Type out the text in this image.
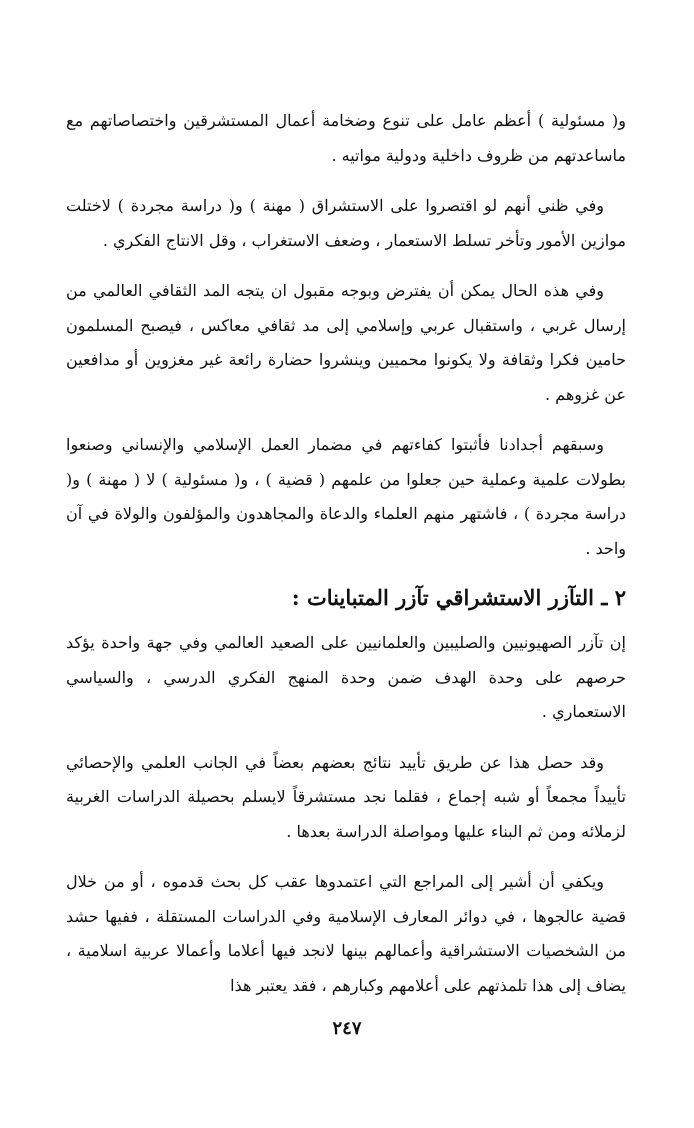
و( مسئولية ) أعظم عامل على تنوع وضخامة أعمال المستشرقين واختصاصاتهم مع ماساعدتهم من ظروف داخلية ودولية مواتيه .

وفي ظني أنهم لو اقتصروا على الاستشراق ( مهنة ) و( دراسة مجردة ) لاختلت موازين الأمور وتأخر تسلط الاستعمار ، وضعف الاستغراب ، وقل الانتاج الفكري .

وفي هذه الحال يمكن أن يفترض وبوجه مقبول ان يتجه المد الثقافي العالمي من إرسال غربي ، واستقبال عربي وإسلامي إلى مد ثقافي معاكس ، فيصبح المسلمون حامين فكرا وثقافة ولا يكونوا محميين وينشروا حضارة رائعة غير مغزوين أو مدافعين عن غزوهم .

وسبقهم أجدادنا فأثبتوا كفاءتهم في مضمار العمل الإسلامي والإنساني وصنعوا بطولات علمية وعملية حين جعلوا من علمهم ( قضية ) ، و( مسئولية ) لا ( مهنة ) و( دراسة مجردة ) ، فاشتهر منهم العلماء والدعاة والمجاهدون والمؤلفون والولاة في آن واحد .

٢ ـ التآزر الاستشراقي تآزر المتباينات :

إن تآزر الصهيونيين والصليبين والعلمانيين على الصعيد العالمي وفي جهة واحدة يؤكد حرصهم على وحدة الهدف ضمن وحدة المنهج الفكري الدرسي ، والسياسي الاستعماري .

وقد حصل هذا عن طريق تأييد نتائج بعضهم بعضاً في الجانب العلمي والإحصائي تأييداً مجمعاً أو شبه إجماع ، فقلما نجد مستشرقاً لايسلم بحصيلة الدراسات الغربية لزملائه ومن ثم البناء عليها ومواصلة الدراسة بعدها .

ويكفي أن أشير إلى المراجع التي اعتمدوها عقب كل بحث قدموه ، أو من خلال قضية عالجوها ، في دوائر المعارف الإسلامية وفي الدراسات المستقلة ، ففيها حشد من الشخصيات الاستشراقية وأعمالهم بينها لانجد فيها أعلاما وأعمالا عربية اسلامية ، يضاف إلى هذا تلمذتهم على أعلامهم وكبارهم ، فقد يعتبر هذا

٢٤٧
